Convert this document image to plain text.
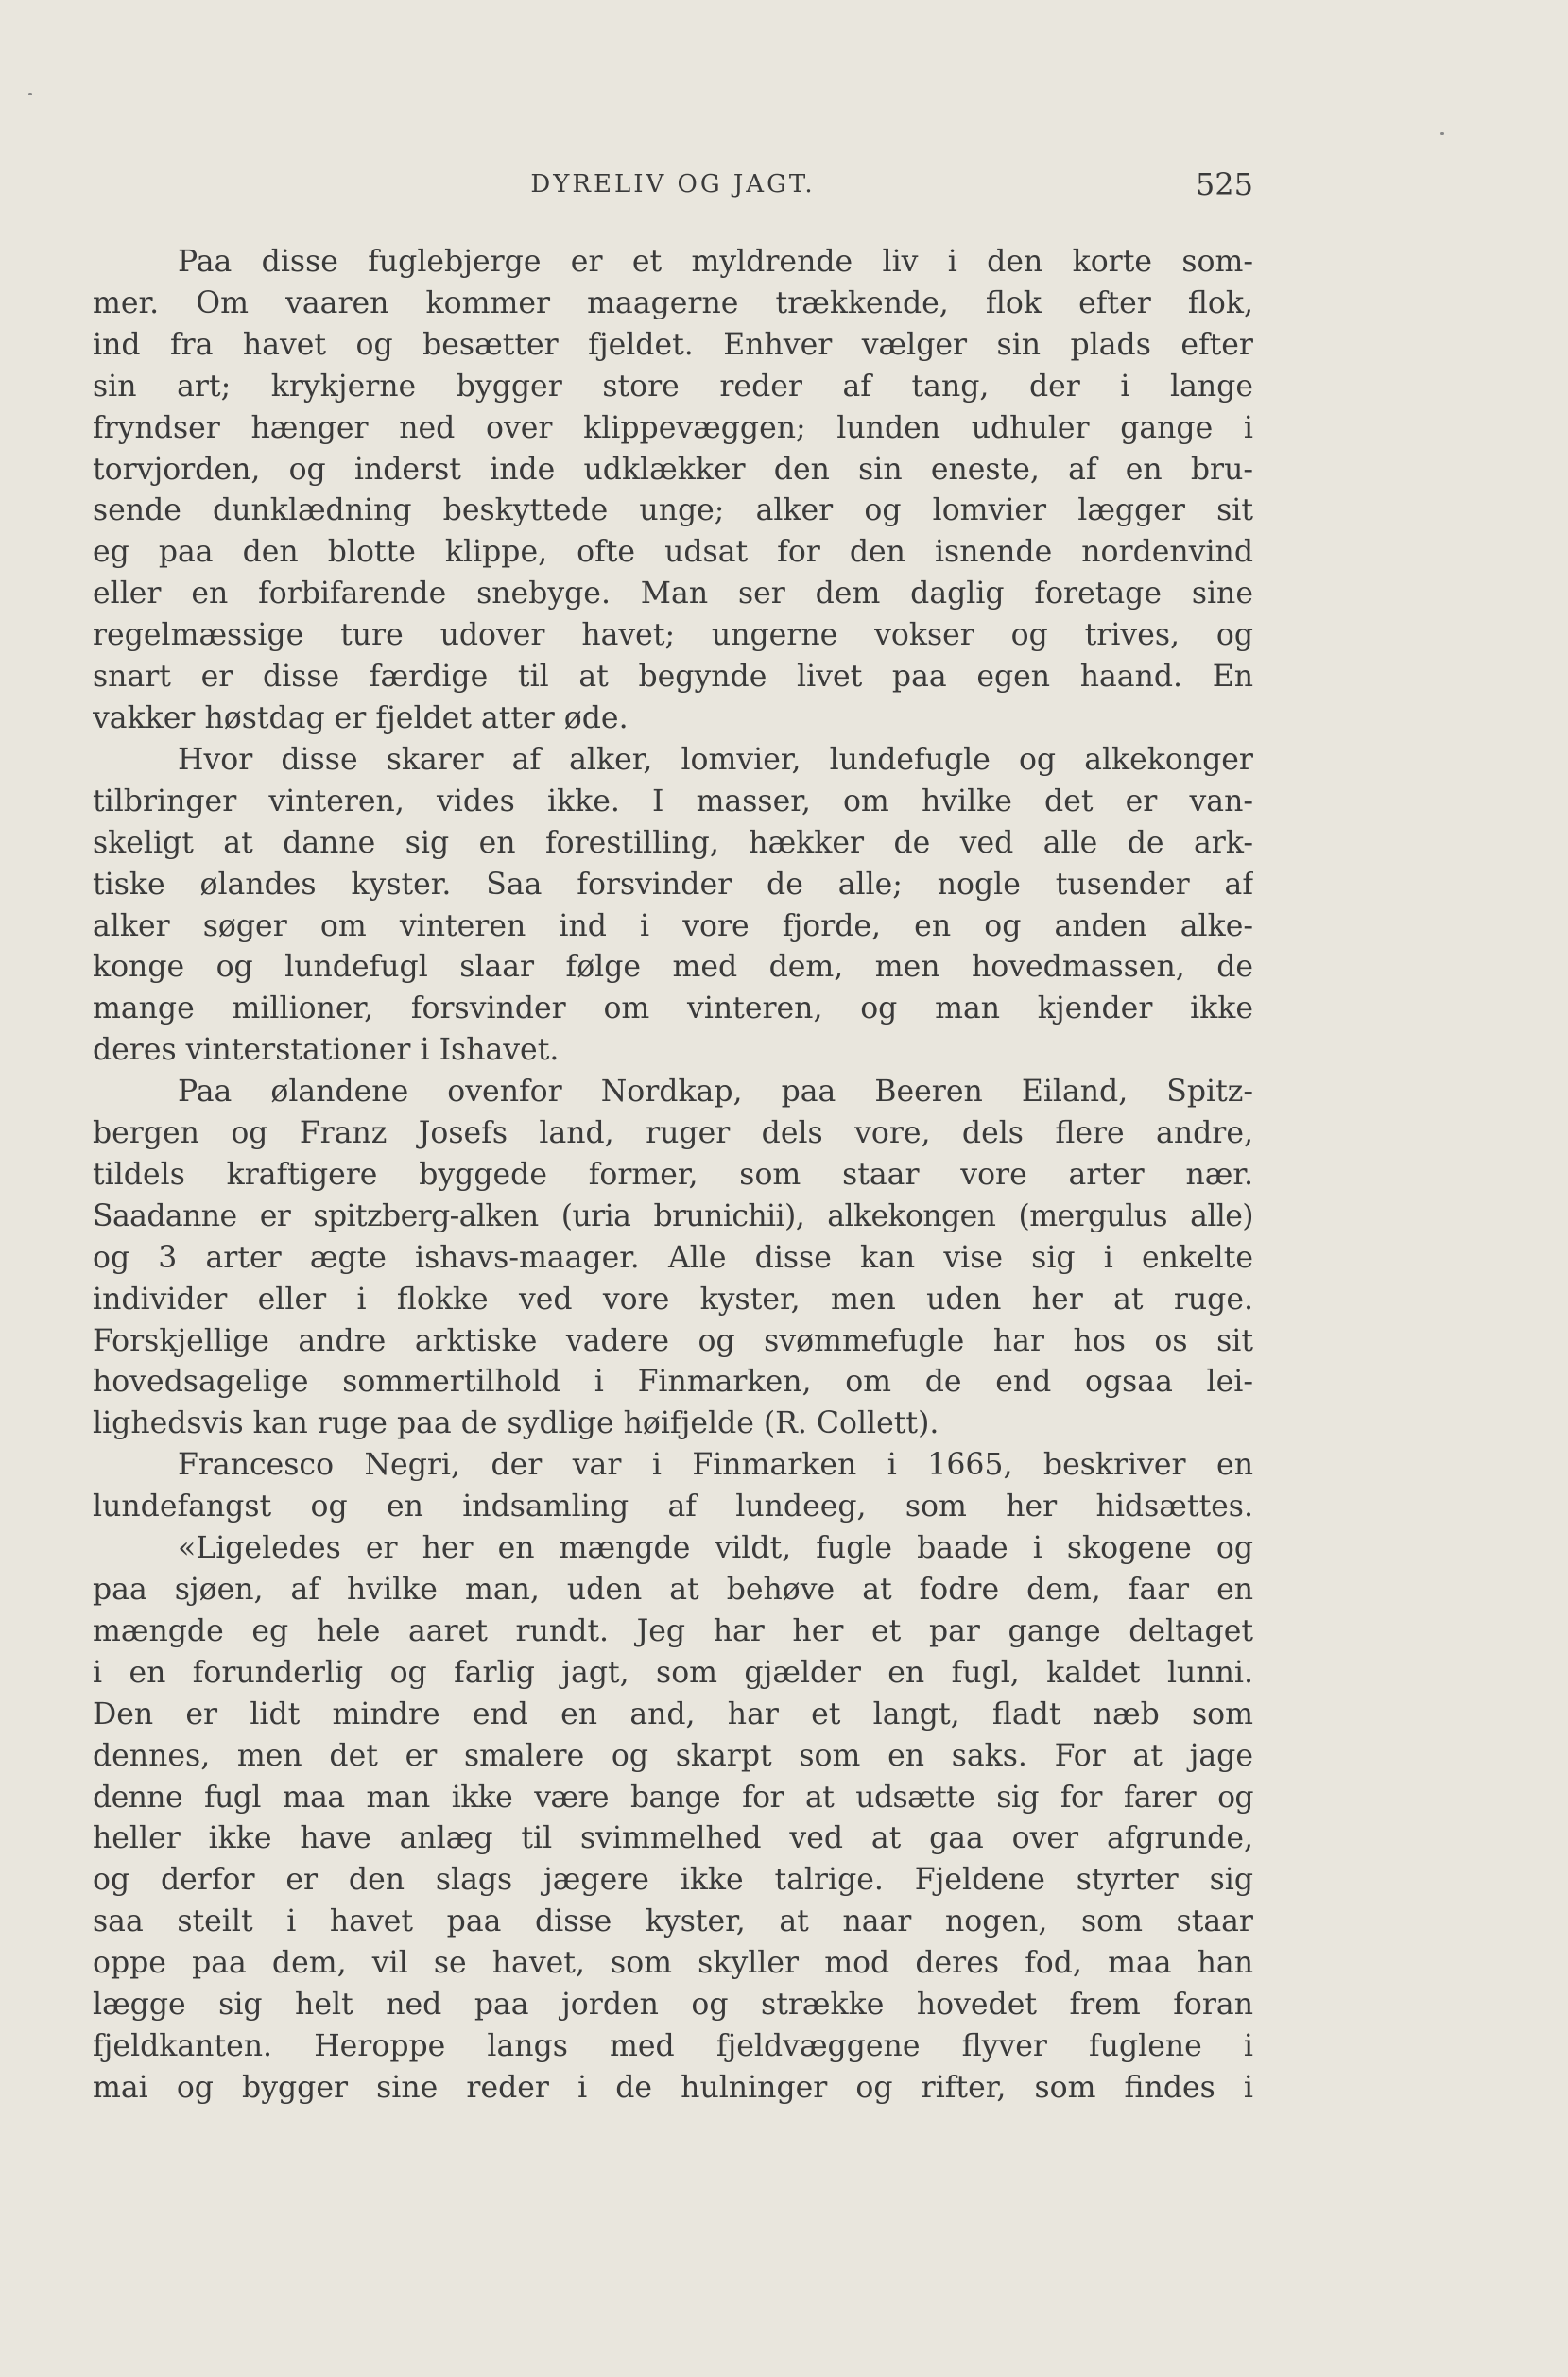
DYRELIV OG JAGT.	525
Paa disse fuglebjerge er et myldrende liv i den korte som-
mer. Om vaaren kommer maagerne trækkende, flok efter flok,
ind fra havet og besætter fjeldet. Enhver vælger sin plads efter
sin art; krykjerne bygger store reder af tang, der i lange
fryndser hænger ned over klippevæggen; lunden udhuler gange i
torvjorden, og inderst inde udklækker den sin eneste, af en bru-
sende dunklædning beskyttede unge; alker og lomvier lægger sit
eg paa den blotte klippe, ofte udsat for den isnende nordenvind
eller en forbifarende snebyge. Man ser dem daglig foretage sine
regelmæssige ture udover havet; ungerne vokser og trives, og
snart er disse færdige til at begynde livet paa egen haand. En
vakker høstdag er fjeldet atter øde.
Hvor disse skarer af alker, lomvier, lundefugle og alkekonger
tilbringer vinteren, vides ikke. I masser, om hvilke det er van-
skeligt at danne sig en forestilling, hækker de ved alle de ark-
tiske ølandes kyster. Saa forsvinder de alle; nogle tusender af
alker søger om vinteren ind i vore fjorde, en og anden alke-
konge og lundefugl slaar følge med dem, men hovedmassen, de
mange millioner, forsvinder om vinteren, og man kjender ikke
deres vinterstationer i Ishavet.
Paa ølandene ovenfor Nordkap, paa Beeren Eiland, Spitz-
bergen og Franz Josefs land, ruger dels vore, dels flere andre,
tildels kraftigere byggede former, som staar vore arter nær.
Saadanne er spitzberg-alken (uria brunichii), alkekongen (mergulus alle)
og 3 arter ægte ishavs-maager. Alle disse kan vise sig i enkelte
individer eller i flokke ved vore kyster, men uden her at ruge.
Forskjellige andre arktiske vadere og svømmefugle har hos os sit
hovedsagelige sommertilhold i Finmarken, om de end ogsaa lei-
lighedsvis kan ruge paa de sydlige høifjelde (R. Collett).
Francesco Negri, der var i Finmarken i 1665, beskriver en
lundefangst og en indsamling af lundeeg, som her hidsættes.
«Ligeledes er her en mængde vildt, fugle baade i skogene og
paa sjøen, af hvilke man, uden at behøve at fodre dem, faar en
mængde eg hele aaret rundt. Jeg har her et par gange deltaget
i en forunderlig og farlig jagt, som gjælder en fugl, kaldet lunni.
Den er lidt mindre end en and, har et langt, fladt næb som
dennes, men det er smalere og skarpt som en saks. For at jage
denne fugl maa man ikke være bange for at udsætte sig for farer og
heller ikke have anlæg til svimmelhed ved at gaa over afgrunde,
og derfor er den slags jægere ikke talrige. Fjeldene styrter sig
saa steilt i havet paa disse kyster, at naar nogen, som staar
oppe paa dem, vil se havet, som skyller mod deres fod, maa han
lægge sig helt ned paa jorden og strække hovedet frem foran
fjeldkanten. Heroppe langs med fjeldvæggene flyver fuglene i
mai og bygger sine reder i de hulninger og rifter, som findes i
